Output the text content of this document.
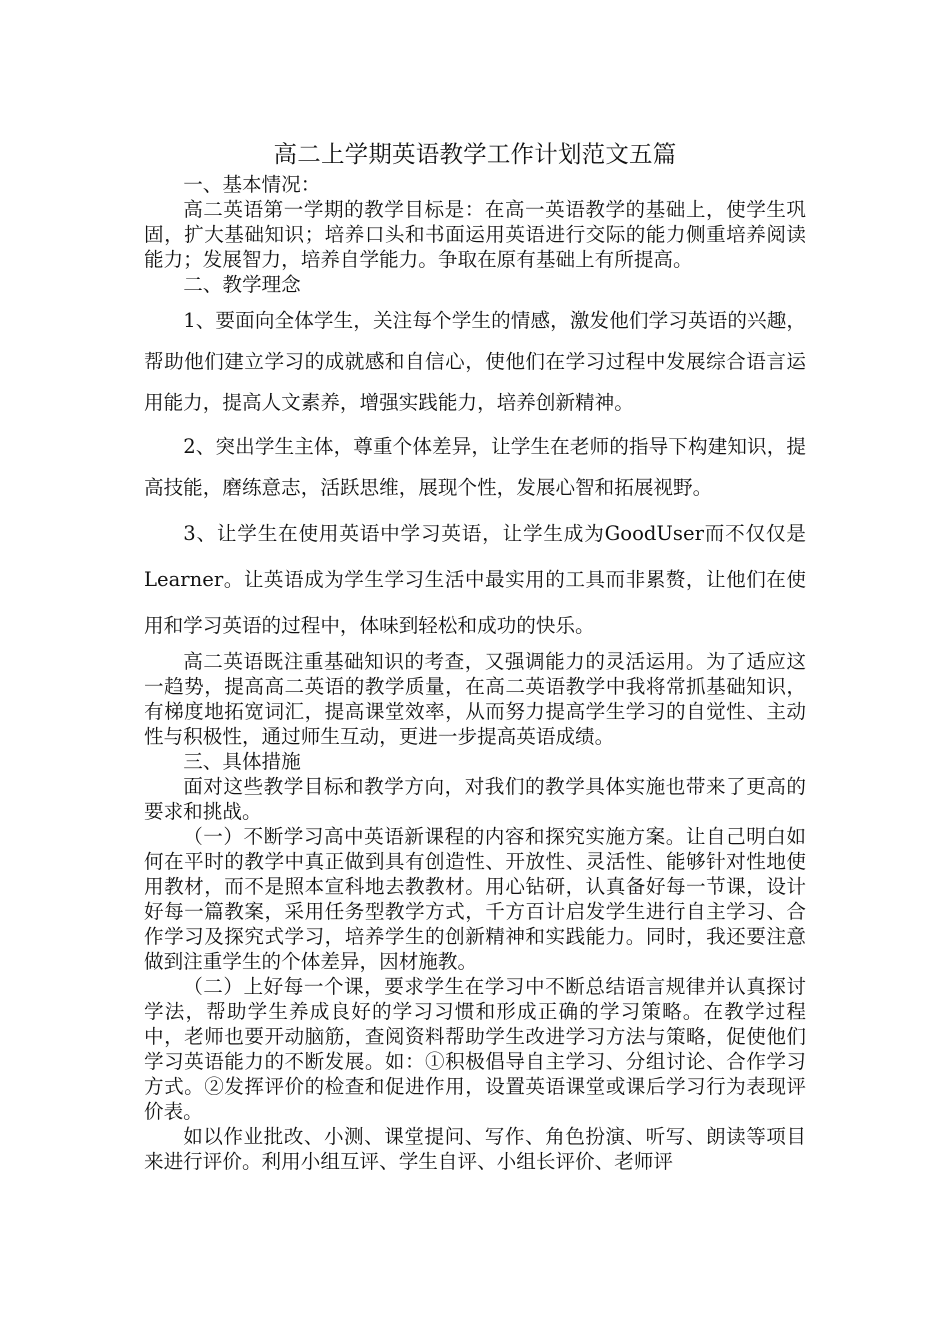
高二上学期英语教学工作计划范文五篇

一、基本情况：

高二英语第一学期的教学目标是：在高一英语教学的基础上，使学生巩固，扩大基础知识；培养口头和书面运用英语进行交际的能力侧重培养阅读能力；发展智力，培养自学能力。争取在原有基础上有所提高。

二、教学理念

1、要面向全体学生，关注每个学生的情感，激发他们学习英语的兴趣，帮助他们建立学习的成就感和自信心，使他们在学习过程中发展综合语言运用能力，提高人文素养，增强实践能力，培养创新精神。

2、突出学生主体，尊重个体差异，让学生在老师的指导下构建知识，提高技能，磨练意志，活跃思维，展现个性，发展心智和拓展视野。

3、让学生在使用英语中学习英语，让学生成为GoodUser而不仅仅是Learner。让英语成为学生学习生活中最实用的工具而非累赘，让他们在使用和学习英语的过程中，体味到轻松和成功的快乐。

高二英语既注重基础知识的考查，又强调能力的灵活运用。为了适应这一趋势，提高高二英语的教学质量，在高二英语教学中我将常抓基础知识，有梯度地拓宽词汇，提高课堂效率，从而努力提高学生学习的自觉性、主动性与积极性，通过师生互动，更进一步提高英语成绩。

三、具体措施

面对这些教学目标和教学方向，对我们的教学具体实施也带来了更高的要求和挑战。

（一）不断学习高中英语新课程的内容和探究实施方案。让自己明白如何在平时的教学中真正做到具有创造性、开放性、灵活性、能够针对性地使用教材，而不是照本宣科地去教教材。用心钻研，认真备好每一节课，设计好每一篇教案，采用任务型教学方式，千方百计启发学生进行自主学习、合作学习及探究式学习，培养学生的创新精神和实践能力。同时，我还要注意做到注重学生的个体差异，因材施教。

（二）上好每一个课，要求学生在学习中不断总结语言规律并认真探讨学法，帮助学生养成良好的学习习惯和形成正确的学习策略。在教学过程中，老师也要开动脑筋，查阅资料帮助学生改进学习方法与策略，促使他们学习英语能力的不断发展。如：①积极倡导自主学习、分组讨论、合作学习方式。②发挥评价的检查和促进作用，设置英语课堂或课后学习行为表现评价表。

如以作业批改、小测、课堂提问、写作、角色扮演、听写、朗读等项目来进行评价。利用小组互评、学生自评、小组长评价、老师评
